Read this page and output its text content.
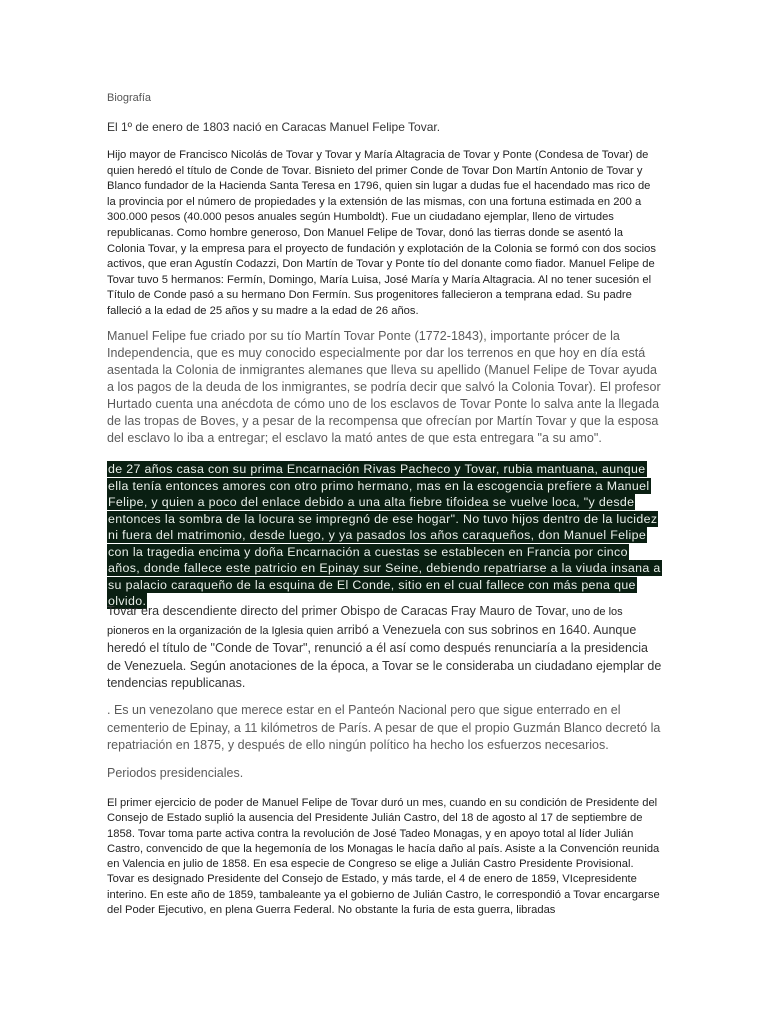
Biografía

El 1º de enero de 1803 nació en Caracas Manuel Felipe Tovar.

Hijo mayor de Francisco Nicolás de Tovar y Tovar y María Altagracia de Tovar y Ponte (Condesa de Tovar) de quien heredó el título de Conde de Tovar. Bisnieto del primer Conde de Tovar Don Martín Antonio de Tovar y Blanco fundador de la Hacienda Santa Teresa en 1796, quien sin lugar a dudas fue el hacendado mas rico de la provincia por el número de propiedades y la extensión de las mismas, con una fortuna estimada en 200 a 300.000 pesos (40.000 pesos anuales según Humboldt). Fue un ciudadano ejemplar, lleno de virtudes republicanas. Como hombre generoso, Don Manuel Felipe de Tovar, donó las tierras donde se asentó la Colonia Tovar, y la empresa para el proyecto de fundación y explotación de la Colonia se formó con dos socios activos, que eran Agustín Codazzi, Don Martín de Tovar y Ponte tío del donante como fiador. Manuel Felipe de Tovar tuvo 5 hermanos: Fermín, Domingo, María Luisa, José María y María Altagracia. Al no tener sucesión el Título de Conde pasó a su hermano Don Fermín. Sus progenitores fallecieron a temprana edad. Su padre falleció a la edad de 25 años y su madre a la edad de 26 años.

Manuel Felipe fue criado por su tío Martín Tovar Ponte (1772-1843), importante prócer de la Independencia, que es muy conocido especialmente por dar los terrenos en que hoy en día está asentada la Colonia de inmigrantes alemanes que lleva su apellido (Manuel Felipe de Tovar ayuda a los pagos de la deuda de los inmigrantes, se podría decir que salvó la Colonia Tovar). El profesor Hurtado cuenta una anécdota de cómo uno de los esclavos de Tovar Ponte lo salva ante la llegada de las tropas de Boves, y a pesar de la recompensa que ofrecían por Martín Tovar y que la esposa del esclavo lo iba a entregar; el esclavo la mató antes de que esta entregara "a su amo".

de 27 años casa con su prima Encarnación Rivas Pacheco y Tovar, rubia mantuana, aunque ella tenía entonces amores con otro primo hermano, mas en la escogencia prefiere a Manuel Felipe, y quien a poco del enlace debido a una alta fiebre tifoidea se vuelve loca, "y desde entonces la sombra de la locura se impregnó de ese hogar". No tuvo hijos dentro de la lucidez ni fuera del matrimonio, desde luego, y ya pasados los años caraqueños, don Manuel Felipe con la tragedia encima y doña Encarnación a cuestas se establecen en Francia por cinco años, donde fallece este patricio en Epinay sur Seine, debiendo repatriarse a la viuda insana a su palacio caraqueño de la esquina de El Conde, sitio en el cual fallece con más pena que olvido.

Tovar era descendiente directo del primer Obispo de Caracas Fray Mauro de Tovar, uno de los pioneros en la organización de la Iglesia quien arribó a Venezuela con sus sobrinos en 1640. Aunque heredó el título de "Conde de Tovar", renunció a él así como después renunciaría a la presidencia de Venezuela. Según anotaciones de la época, a Tovar se le consideraba un ciudadano ejemplar de tendencias republicanas.

. Es un venezolano que merece estar en el Panteón Nacional pero que sigue enterrado en el cementerio de Epinay, a 11 kilómetros de París. A pesar de que el propio Guzmán Blanco decretó la repatriación en 1875, y después de ello ningún político ha hecho los esfuerzos necesarios.

Periodos presidenciales.

El primer ejercicio de poder de Manuel Felipe de Tovar duró un mes, cuando en su condición de Presidente del Consejo de Estado suplió la ausencia del Presidente Julián Castro, del 18 de agosto al 17 de septiembre de 1858. Tovar toma parte activa contra la revolución de José Tadeo Monagas, y en apoyo total al líder Julián Castro, convencido de que la hegemonía de los Monagas le hacía daño al país. Asiste a la Convención reunida en Valencia en julio de 1858. En esa especie de Congreso se elige a Julián Castro Presidente Provisional. Tovar es designado Presidente del Consejo de Estado, y más tarde, el 4 de enero de 1859, VIcepresidente interino. En este año de 1859, tambaleante ya el gobierno de Julián Castro, le correspondió a Tovar encargarse del Poder Ejecutivo, en plena Guerra Federal. No obstante la furia de esta guerra, libradas
